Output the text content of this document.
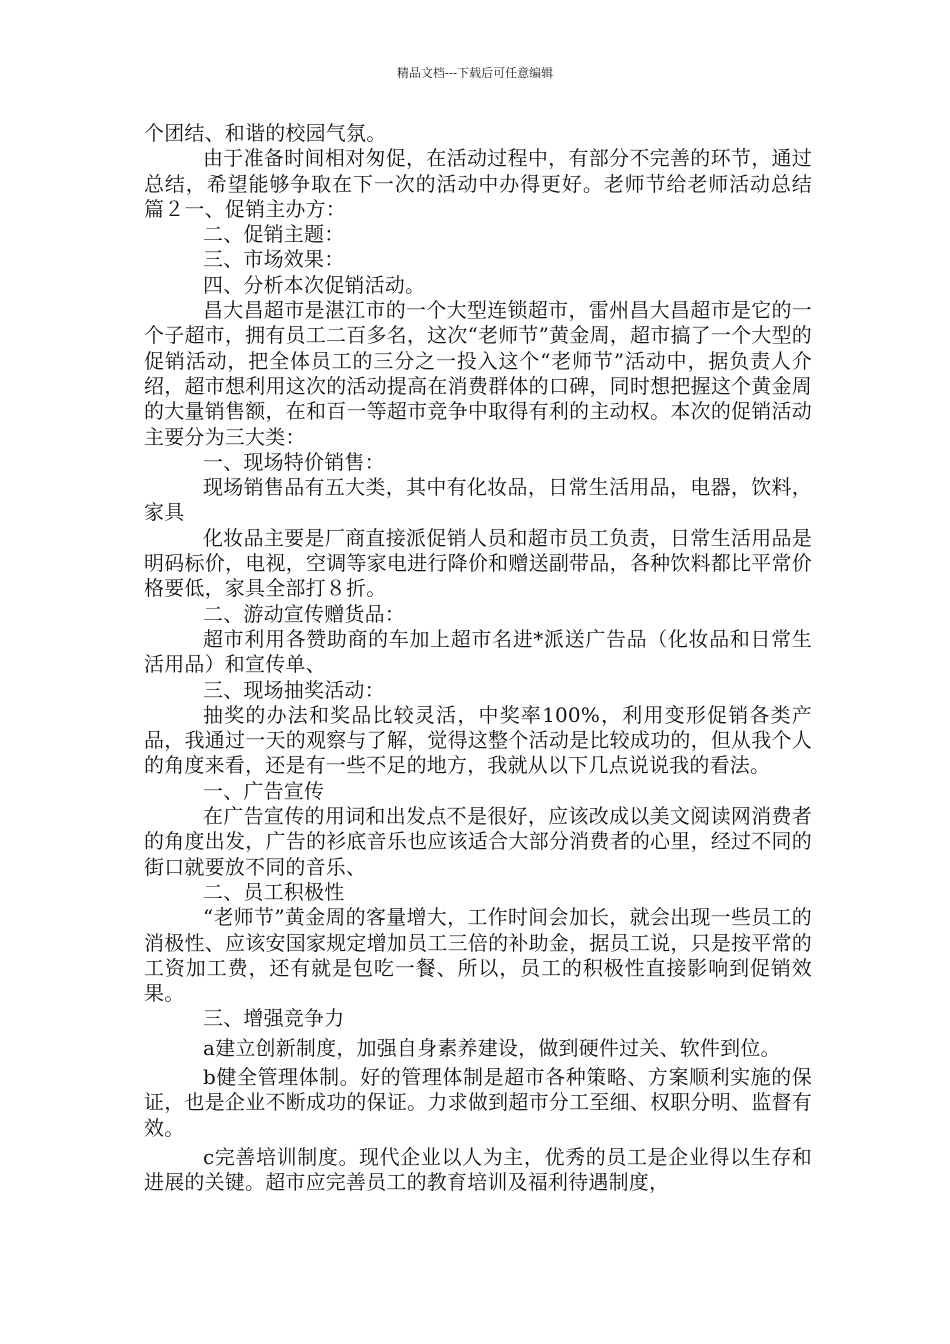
精品文档---下载后可任意编辑

个团结、和谐的校园气氛。

由于准备时间相对匆促，在活动过程中，有部分不完善的环节，通过总结，希望能够争取在下一次的活动中办得更好。老师节给老师活动总结 篇２一、促销主办方：

二、促销主题：

三、市场效果：

四、分析本次促销活动。

昌大昌超市是湛江市的一个大型连锁超市，雷州昌大昌超市是它的一个子超市，拥有员工二百多名，这次“老师节”黄金周，超市搞了一个大型的促销活动，把全体员工的三分之一投入这个“老师节”活动中，据负责人介绍，超市想利用这次的活动提高在消费群体的口碑，同时想把握这个黄金周的大量销售额，在和百一等超市竞争中取得有利的主动权。本次的促销活动主要分为三大类：

一、现场特价销售：

现场销售品有五大类，其中有化妆品，日常生活用品，电器，饮料，家具

化妆品主要是厂商直接派促销人员和超市员工负责，日常生活用品是明码标价，电视，空调等家电进行降价和赠送副带品，各种饮料都比平常价格要低，家具全部打８折。

二、游动宣传赠货品：

超市利用各赞助商的车加上超市名进*派送广告品（化妆品和日常生活用品）和宣传单、

三、现场抽奖活动：

抽奖的办法和奖品比较灵活，中奖率100%，利用变形促销各类产品，我通过一天的观察与了解，觉得这整个活动是比较成功的，但从我个人的角度来看，还是有一些不足的地方，我就从以下几点说说我的看法。

一、广告宣传

在广告宣传的用词和出发点不是很好，应该改成以美文阅读网消费者的角度出发，广告的衫底音乐也应该适合大部分消费者的心里，经过不同的街口就要放不同的音乐、

二、员工积极性

“老师节”黄金周的客量增大，工作时间会加长，就会出现一些员工的消极性、应该安国家规定增加员工三倍的补助金，据员工说，只是按平常的工资加工费，还有就是包吃一餐、所以，员工的积极性直接影响到促销效果。

三、增强竞争力

a建立创新制度，加强自身素养建设，做到硬件过关、软件到位。

b健全管理体制。好的管理体制是超市各种策略、方案顺利实施的保证，也是企业不断成功的保证。力求做到超市分工至细、权职分明、监督有效。

c完善培训制度。现代企业以人为主，优秀的员工是企业得以生存和进展的关键。超市应完善员工的教育培训及福利待遇制度，
